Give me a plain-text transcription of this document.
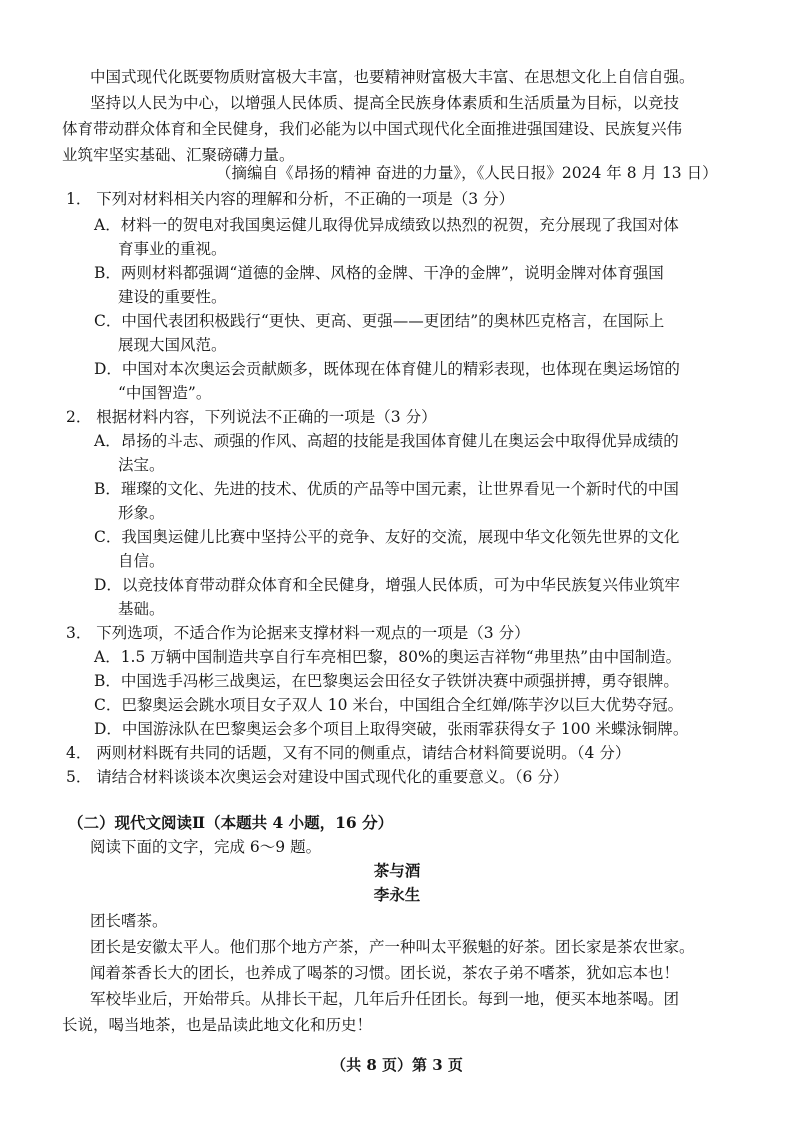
中国式现代化既要物质财富极大丰富，也要精神财富极大丰富、在思想文化上自信自强。
坚持以人民为中心，以增强人民体质、提高全民族身体素质和生活质量为目标，以竞技
体育带动群众体育和全民健身，我们必能为以中国式现代化全面推进强国建设、民族复兴伟
业筑牢坚实基础、汇聚磅礴力量。
（摘编自《昂扬的精神 奋进的力量》，《人民日报》2024 年 8 月 13 日）
1． 下列对材料相关内容的理解和分析，不正确的一项是（3 分）
A．材料一的贺电对我国奥运健儿取得优异成绩致以热烈的祝贺，充分展现了我国对体
育事业的重视。
B．两则材料都强调“道德的金牌、风格的金牌、干净的金牌”，说明金牌对体育强国
建设的重要性。
C．中国代表团积极践行“更快、更高、更强——更团结”的奥林匹克格言，在国际上
展现大国风范。
D．中国对本次奥运会贡献颇多，既体现在体育健儿的精彩表现，也体现在奥运场馆的
“中国智造”。
2． 根据材料内容，下列说法不正确的一项是（3 分）
A．昂扬的斗志、顽强的作风、高超的技能是我国体育健儿在奥运会中取得优异成绩的
法宝。
B．璀璨的文化、先进的技术、优质的产品等中国元素，让世界看见一个新时代的中国
形象。
C．我国奥运健儿比赛中坚持公平的竞争、友好的交流，展现中华文化领先世界的文化
自信。
D．以竞技体育带动群众体育和全民健身，增强人民体质，可为中华民族复兴伟业筑牢
基础。
3． 下列选项，不适合作为论据来支撑材料一观点的一项是（3 分）
A．1.5 万辆中国制造共享自行车亮相巴黎，80%的奥运吉祥物“弗里热”由中国制造。
B．中国选手冯彬三战奥运，在巴黎奥运会田径女子铁饼决赛中顽强拼搏，勇夺银牌。
C．巴黎奥运会跳水项目女子双人 10 米台，中国组合全红婵/陈芋汐以巨大优势夺冠。
D．中国游泳队在巴黎奥运会多个项目上取得突破，张雨霏获得女子 100 米蝶泳铜牌。
4． 两则材料既有共同的话题，又有不同的侧重点，请结合材料简要说明。（4 分）
5． 请结合材料谈谈本次奥运会对建设中国式现代化的重要意义。（6 分）
（二）现代文阅读Ⅱ（本题共 4 小题，16 分）
阅读下面的文字，完成 6～9 题。
茶与酒
李永生
团长嗜茶。
团长是安徽太平人。他们那个地方产茶，产一种叫太平猴魁的好茶。团长家是茶农世家。
闻着茶香长大的团长，也养成了喝茶的习惯。团长说，茶农子弟不嗜茶，犹如忘本也！
军校毕业后，开始带兵。从排长干起，几年后升任团长。每到一地，便买本地茶喝。团
长说，喝当地茶，也是品读此地文化和历史！
（共 8 页）第 3 页
